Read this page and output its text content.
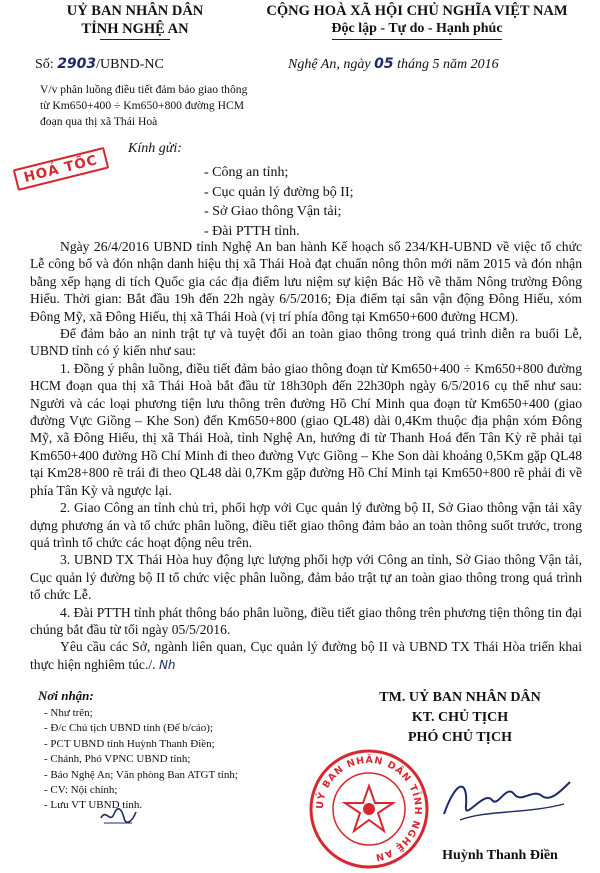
UỶ BAN NHÂN DÂN
TỈNH NGHỆ AN
CỘNG HOÀ XÃ HỘI CHỦ NGHĨA VIỆT NAM
Độc lập - Tự do - Hạnh phúc
Số: 2903/UBND-NC	Nghệ An, ngày 05 tháng 5 năm 2016
V/v phân luồng điều tiết đảm bảo giao thông
từ Km650+400 ÷ Km650+800 đường HCM
đoạn qua thị xã Thái Hoà
HOẢ TỐC
Kính gửi:
- Công an tỉnh;
- Cục quản lý đường bộ II;
- Sở Giao thông Vận tải;
- Đài PTTH tỉnh.

Ngày 26/4/2016 UBND tỉnh Nghệ An ban hành Kế hoạch số 234/KH-UBND về việc tổ chức Lễ công bố và đón nhận danh hiệu thị xã Thái Hoà đạt chuẩn nông thôn mới năm 2015 và đón nhận bằng xếp hạng di tích Quốc gia các địa điểm lưu niệm sự kiện Bác Hồ về thăm Nông trường Đông Hiếu. Thời gian: Bắt đầu 19h đến 22h ngày 6/5/2016; Địa điểm tại sân vận động Đông Hiếu, xóm Đông Mỹ, xã Đông Hiếu, thị xã Thái Hoà (vị trí phía đông tại Km650+600 đường HCM).

Để đảm bảo an ninh trật tự và tuyệt đối an toàn giao thông trong quá trình diễn ra buổi Lễ, UBND tỉnh có ý kiến như sau:

1. Đồng ý phân luồng, điều tiết đảm bảo giao thông đoạn từ Km650+400 ÷ Km650+800 đường HCM đoạn qua thị xã Thái Hoà bắt đầu từ 18h30ph đến 22h30ph ngày 6/5/2016 cụ thể như sau: Người và các loại phương tiện lưu thông trên đường Hồ Chí Minh qua đoạn từ Km650+400 (giao đường Vực Giồng – Khe Son) đến Km650+800 (giao QL48) dài 0,4Km thuộc địa phận xóm Đông Mỹ, xã Đông Hiếu, thị xã Thái Hoà, tỉnh Nghệ An, hướng đi từ Thanh Hoá đến Tân Kỳ rẽ phải tại Km650+400 đường Hồ Chí Minh đi theo đường Vực Giồng – Khe Son dài khoảng 0,5Km gặp QL48 tại Km28+800 rẽ trái đi theo QL48 dài 0,7Km gặp đường Hồ Chí Minh tại Km650+800 rẽ phải đi về phía Tân Kỳ và ngược lại.

2. Giao Công an tỉnh chủ trì, phối hợp với Cục quản lý đường bộ II, Sở Giao thông vận tải xây dựng phương án và tổ chức phân luồng, điều tiết giao thông đảm bảo an toàn thông suốt trước, trong quá trình tổ chức các hoạt động nêu trên.

3. UBND TX Thái Hòa huy động lực lượng phối hợp với Công an tỉnh, Sở Giao thông Vận tải, Cục quản lý đường bộ II tổ chức việc phân luồng, đảm bảo trật tự an toàn giao thông trong quá trình tổ chức Lễ.

4. Đài PTTH tỉnh phát thông báo phân luồng, điều tiết giao thông trên phương tiện thông tin đại chúng bắt đầu từ tối ngày 05/5/2016.

Yêu cầu các Sở, ngành liên quan, Cục quản lý đường bộ II và UBND TX Thái Hòa triển khai thực hiện nghiêm túc./. Nh

Nơi nhận:
- Như trên;
- Đ/c Chủ tịch UBND tỉnh (Để b/cáo);
- PCT UBND tỉnh Huỳnh Thanh Điền;
- Chánh, Phó VPNC UBND tỉnh;
- Báo Nghệ An; Văn phòng Ban ATGT tỉnh;
- CV: Nội chính;
- Lưu VT UBND tỉnh.
TM. UỶ BAN NHÂN DÂN
KT. CHỦ TỊCH
PHÓ CHỦ TỊCH
UỶ BAN NHÂN DÂN TỈNH NGHỆ AN	Huỳnh Thanh Điền
